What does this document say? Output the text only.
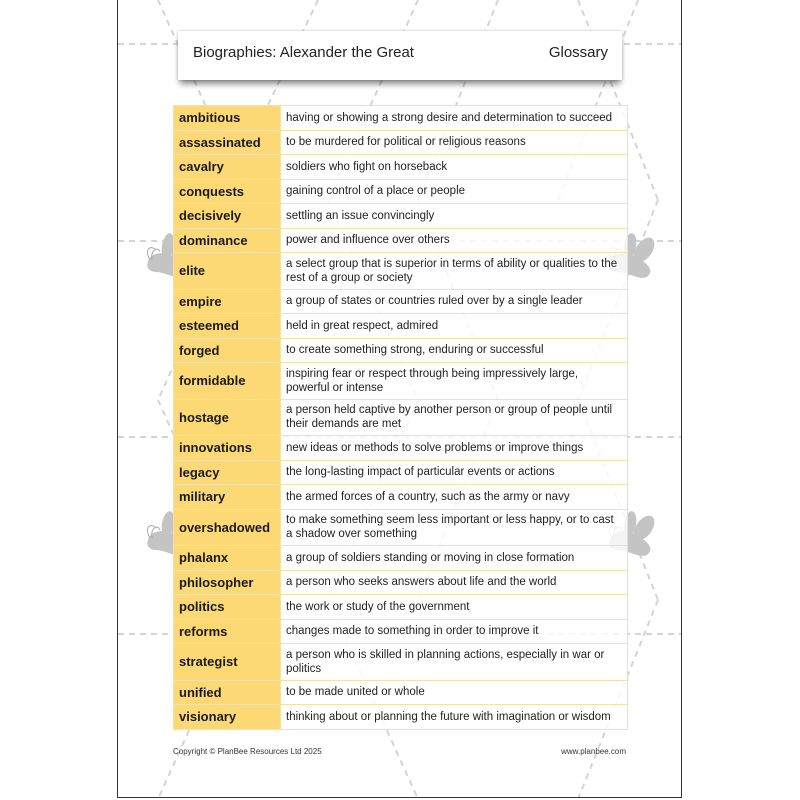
Biographies: Alexander the Great	Glossary
ambitious	having or showing a strong desire and determination to succeed
assassinated	to be murdered for political or religious reasons
cavalry	soldiers who fight on horseback
conquests	gaining control of a place or people
decisively	settling an issue convincingly
dominance	power and influence over others
elite	a select group that is superior in terms of ability or qualities to the rest of a group or society
empire	a group of states or countries ruled over by a single leader
esteemed	held in great respect, admired
forged	to create something strong, enduring or successful
formidable	inspiring fear or respect through being impressively large, powerful or intense
hostage	a person held captive by another person or group of people until their demands are met
innovations	new ideas or methods to solve problems or improve things
legacy	the long-lasting impact of particular events or actions
military	the armed forces of a country, such as the army or navy
overshadowed	to make something seem less important or less happy, or to cast a shadow over something
phalanx	a group of soldiers standing or moving in close formation
philosopher	a person who seeks answers about life and the world
politics	the work or study of the government
reforms	changes made to something in order to improve it
strategist	a person who is skilled in planning actions, especially in war or politics
unified	to be made united or whole
visionary	thinking about or planning the future with imagination or wisdom
Copyright © PlanBee Resources Ltd 2025	www.planbee.com
